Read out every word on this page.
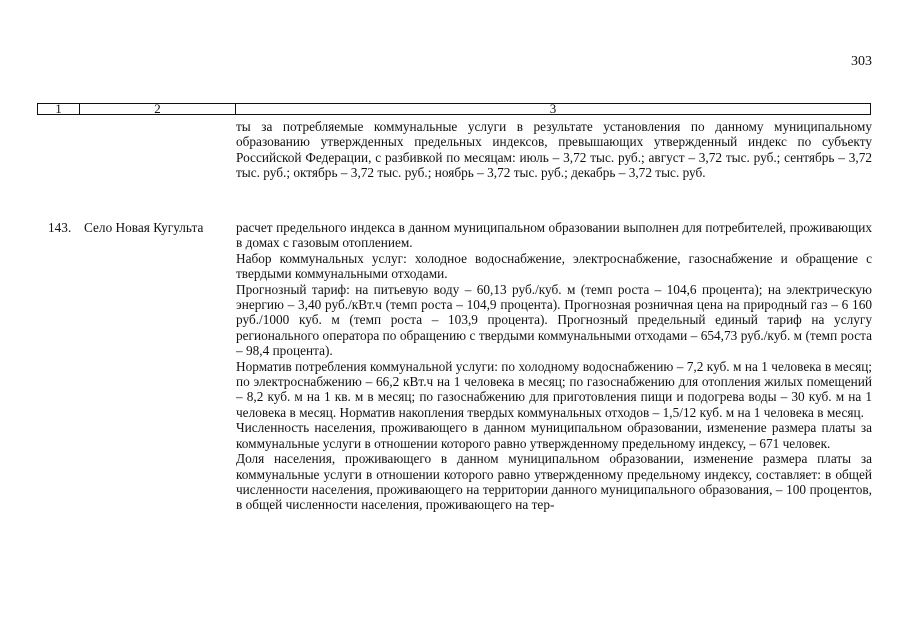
303
1	2	3

ты за потребляемые коммунальные услуги в результате установления по данному муниципальному образованию утвержденных предельных индексов, превышающих утвержденный индекс по субъекту Российской Федерации, с разбивкой по месяцам: июль – 3,72 тыс. руб.; август – 3,72 тыс. руб.; сентябрь – 3,72 тыс. руб.; октябрь – 3,72 тыс. руб.; ноябрь – 3,72 тыс. руб.; декабрь – 3,72 тыс. руб.

143. Село Новая Кугульта расчет предельного индекса в данном муниципальном образовании выполнен для потребителей, проживающих в домах с газовым отоплением.

Набор коммунальных услуг: холодное водоснабжение, электроснабжение, газоснабжение и обращение с твердыми коммунальными отходами.

Прогнозный тариф: на питьевую воду – 60,13 руб./куб. м (темп роста – 104,6 процента); на электрическую энергию – 3,40 руб./кВт.ч (темп роста – 104,9 процента). Прогнозная розничная цена на природный газ – 6 160 руб./1000 куб. м (темп роста – 103,9 процента). Прогнозный предельный единый тариф на услугу регионального оператора по обращению с твердыми коммунальными отходами – 654,73 руб./куб. м (темп роста – 98,4 процента).

Норматив потребления коммунальной услуги: по холодному водоснабжению – 7,2 куб. м на 1 человека в месяц; по электроснабжению – 66,2 кВт.ч на 1 человека в месяц; по газоснабжению для отопления жилых помещений – 8,2 куб. м на 1 кв. м в месяц; по газоснабжению для приготовления пищи и подогрева воды – 30 куб. м на 1 человека в месяц. Норматив накопления твердых коммунальных отходов – 1,5/12 куб. м на 1 человека в месяц.

Численность населения, проживающего в данном муниципальном образовании, изменение размера платы за коммунальные услуги в отношении которого равно утвержденному предельному индексу, – 671 человек.

Доля населения, проживающего в данном муниципальном образовании, изменение размера платы за коммунальные услуги в отношении которого равно утвержденному предельному индексу, составляет: в общей численности населения, проживающего на территории данного муниципального образования, – 100 процентов, в общей численности населения, проживающего на тер-
